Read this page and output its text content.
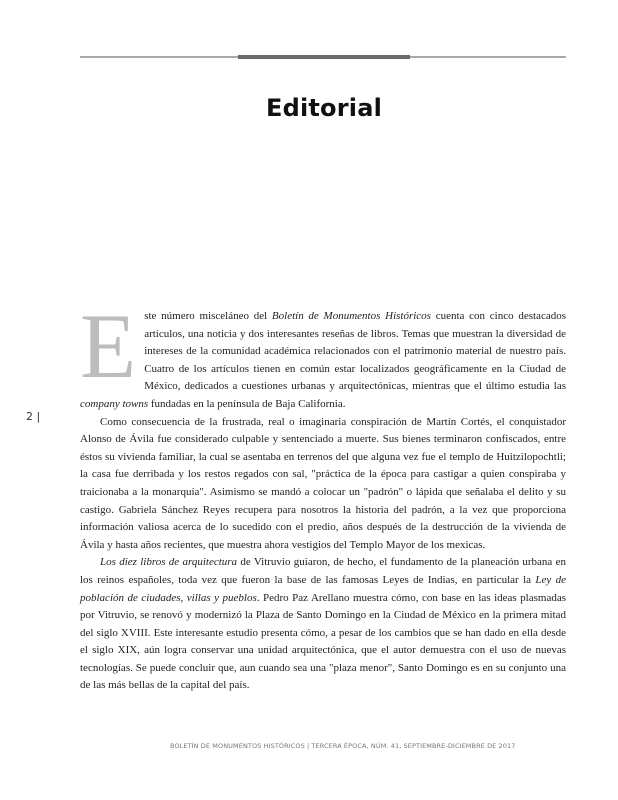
Editorial
2 |

Este número misceláneo del Boletín de Monumentos Históricos cuenta con cinco destacados artículos, una noticia y dos interesantes reseñas de libros. Temas que muestran la diversidad de intereses de la comunidad académica relacionados con el patrimonio material de nuestro país. Cuatro de los artículos tienen en común estar localizados geográficamente en la Ciudad de México, dedicados a cuestiones urbanas y arquitectónicas, mientras que el último estudia las company towns fundadas en la península de Baja California.

Como consecuencia de la frustrada, real o imaginaria conspiración de Martín Cortés, el conquistador Alonso de Ávila fue considerado culpable y sentenciado a muerte. Sus bienes terminaron confiscados, entre éstos su vivienda familiar, la cual se asentaba en terrenos del que alguna vez fue el templo de Huitzilopochtli; la casa fue derribada y los restos regados con sal, "práctica de la época para castigar a quien conspiraba y traicionaba a la monarquía". Asimismo se mandó a colocar un "padrón" o lápida que señalaba el delito y su castigo. Gabriela Sánchez Reyes recupera para nosotros la historia del padrón, a la vez que proporciona información valiosa acerca de lo sucedido con el predio, años después de la destrucción de la vivienda de Ávila y hasta años recientes, que muestra ahora vestigios del Templo Mayor de los mexicas.

Los diez libros de arquitectura de Vitruvio guiaron, de hecho, el fundamento de la planeación urbana en los reinos españoles, toda vez que fueron la base de las famosas Leyes de Indias, en particular la Ley de población de ciudades, villas y pueblos. Pedro Paz Arellano muestra cómo, con base en las ideas plasmadas por Vitruvio, se renovó y modernizó la Plaza de Santo Domingo en la Ciudad de México en la primera mitad del siglo XVIII. Este interesante estudio presenta cómo, a pesar de los cambios que se han dado en ella desde el siglo XIX, aún logra conservar una unidad arquitectónica, que el autor demuestra con el uso de nuevas tecnologías. Se puede concluir que, aun cuando sea una "plaza menor", Santo Domingo es en su conjunto una de las más bellas de la capital del país.

BOLETÍN DE MONUMENTOS HISTÓRICOS | TERCERA ÉPOCA, NÚM. 41, SEPTIEMBRE-DICIEMBRE DE 2017
